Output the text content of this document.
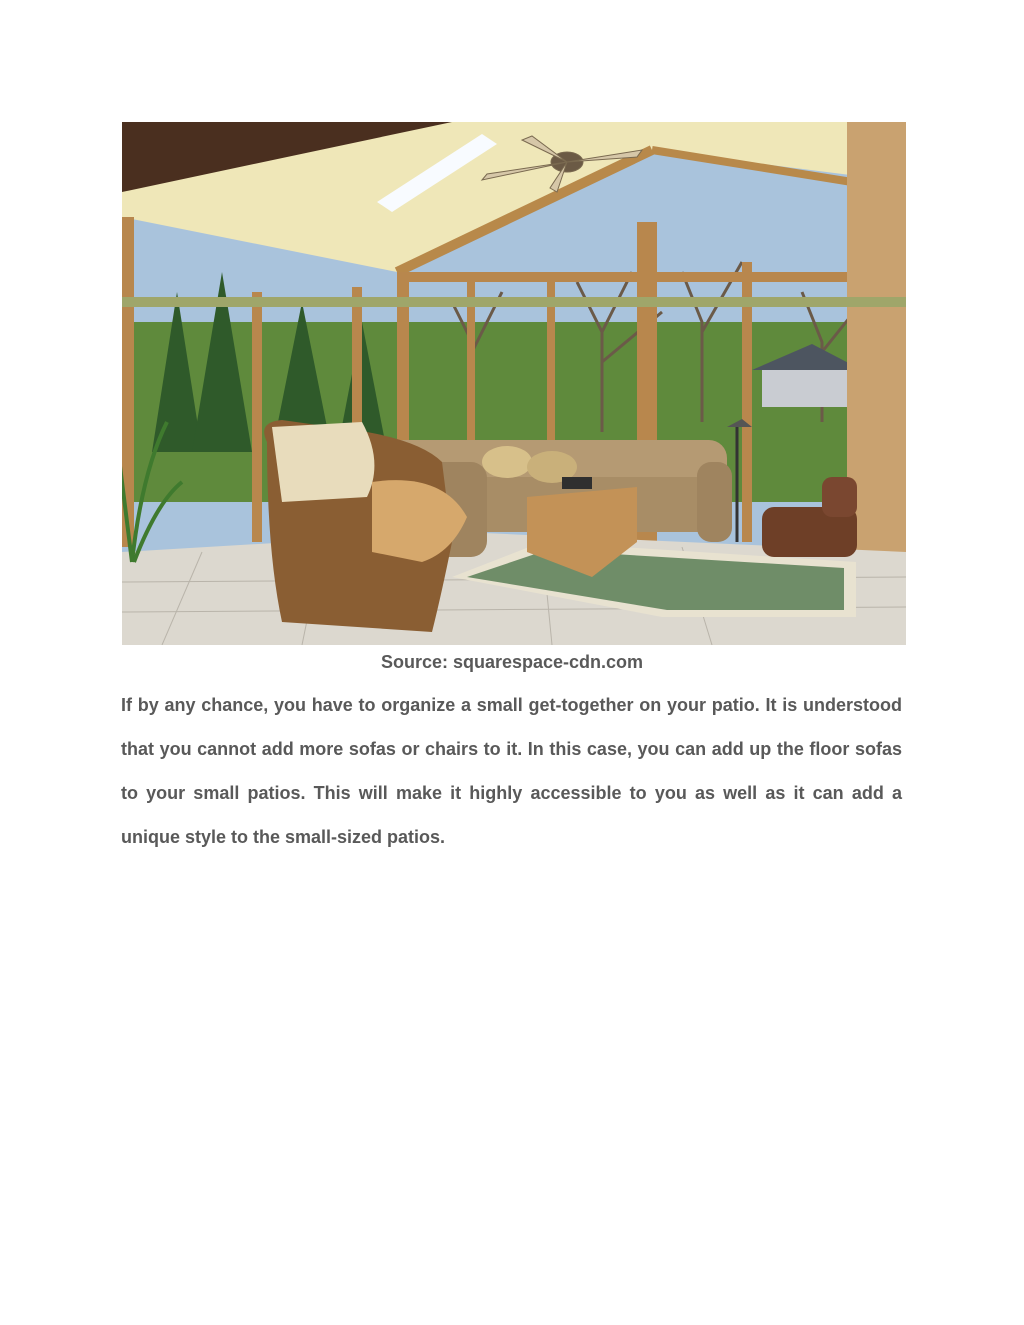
Source: squarespace-cdn.com

If by any chance, you have to organize a small get-together on your patio. It is understood that you cannot add more sofas or chairs to it. In this case, you can add up the floor sofas to your small patios. This will make it highly accessible to you as well as it can add a unique style to the small-sized patios.
